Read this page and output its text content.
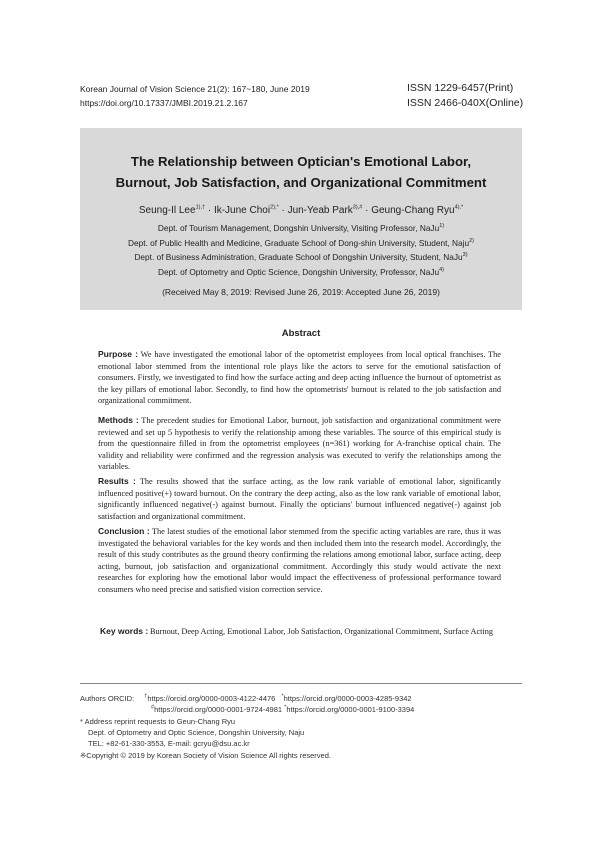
Korean Journal of Vision Science 21(2): 167~180, June 2019
https://doi.org/10.17337/JMBI.2019.21.2.167
ISSN 1229-6457(Print)
ISSN 2466-040X(Online)
The Relationship between Optician's Emotional Labor,
Burnout, Job Satisfaction, and Organizational Commitment
Seung-Il Lee$^{1),\dagger}$ · Ik-June Choi$^{2),*}$ · Jun-Yeab Park$^{3),\#}$ · Geung-Chang Ryu$^{4),*}$
Dept. of Tourism Management, Dongshin University, Visiting Professor, NaJu$^{1)}$
Dept. of Public Health and Medicine, Graduate School of Dong-shin University, Student, Naju$^{2)}$
Dept. of Business Administration, Graduate School of Dongshin University, Student, NaJu$^{3)}$
Dept. of Optometry and Optic Science, Dongshin University, Professor, NaJu$^{4)}$
(Received May 8, 2019: Revised June 26, 2019: Accepted June 26, 2019)
Abstract
Purpose : We have investigated the emotional labor of the optometrist employees from local optical franchises. The emotional labor stemmed from the intentional role plays like the actors to serve for the emotional satisfaction of consumers. Firstly, we investigated to find how the surface acting and deep acting influence the burnout of optometrist as the key pillars of emotional labor. Secondly, to find how the optometrists' burnout is related to the job satisfaction and organizational commitment.
Methods : The precedent studies for Emotional Labor, burnout, job satisfaction and organizational commitment were reviewed and set up 5 hypothesis to verify the relationship among these variables. The source of this empirical study is from the questionnaire filled in from the optometrist employees (n=361) working for A-franchise optical chain. The validity and reliability were confirmed and the regression analysis was executed to verify the relationships among the variables.
Results : The results showed that the surface acting, as the low rank variable of emotional labor, significantly influenced positive(+) toward burnout. On the contrary the deep acting, also as the low rank variable of emotional labor, significantly influenced negative(-) against burnout. Finally the opticians' burnout influenced negative(-) against job satisfaction and organizational commitment.
Conclusion : The latest studies of the emotional labor stemmed from the specific acting variables are rare, thus it was investigated the behavioral variables for the key words and then included them into the research model. Accordingly, the result of this study contributes as the ground theory confirming the relations among emotional labor, surface acting, deep acting, burnout, job satisfaction and organizational commitment. Accordingly this study would activate the next researches for exploring how the emotional labor would impact the effectiveness of professional performance toward consumers who need precise and satisfied vision correction service.
Key words : Burnout, Deep Acting, Emotional Labor, Job Satisfaction, Organizational Commitment, Surface Acting
Authors ORCID: †https://orcid.org/0000-0003-4122-4476 *https://orcid.org/0000-0003-4285-9342
#https://orcid.org/0000-0001-9724-4981 *https://orcid.org/0000-0001-9100-3394
* Address reprint requests to Geun-Chang Ryu
Dept. of Optometry and Optic Science, Dongshin University, Naju
TEL: +82-61-330-3553, E-mail: gcryu@dsu.ac.kr
※Copyright © 2019 by Korean Society of Vision Science All rights reserved.
